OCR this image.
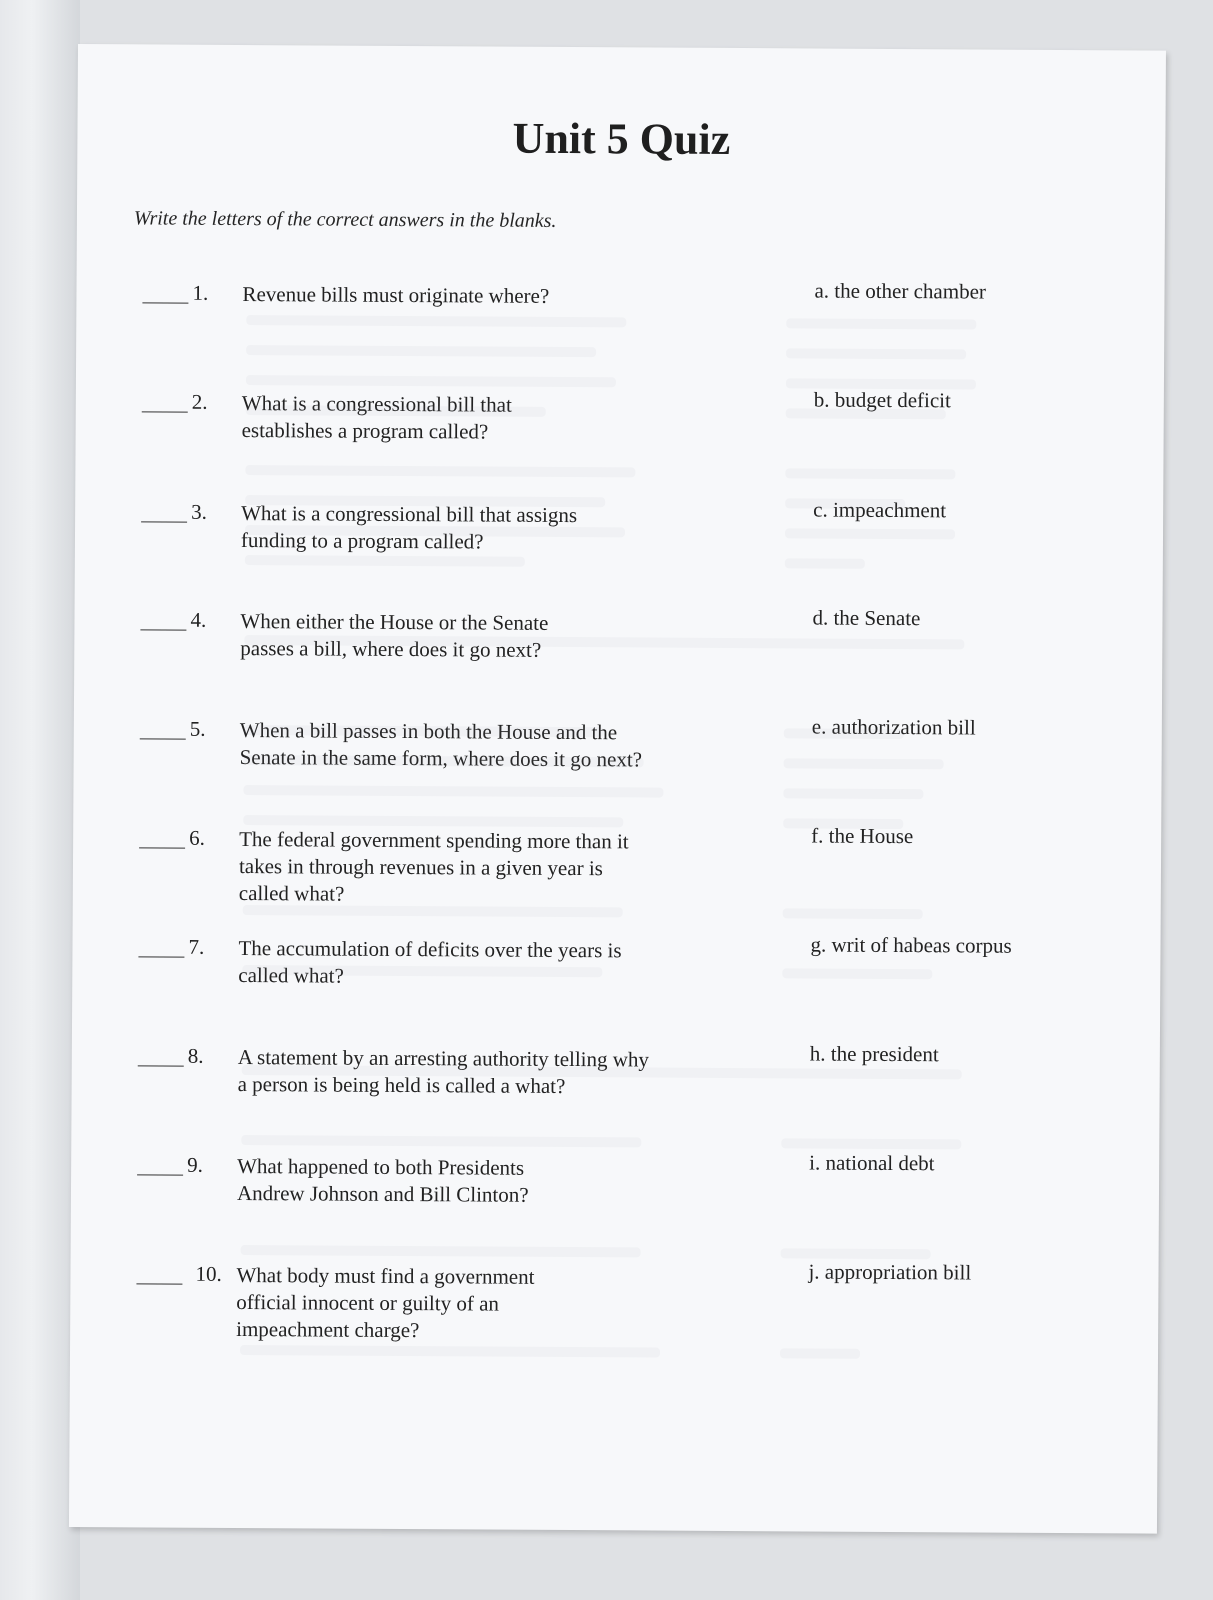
Unit 5 Quiz
Write the letters of the correct answers in the blanks.
1. Revenue bills must originate where?	a. the other chamber
2. What is a congressional bill that establishes a program called?
b. budget deficit
3. What is a congressional bill that assigns funding to a program called?
c. impeachment
4. When either the House or the Senate passes a bill, where does it go next?
d. the Senate
5. When a bill passes in both the House and the Senate in the same form, where does it go next?
e. authorization bill
6. The federal government spending more than it takes in through revenues in a given year is called what?
f. the House
7. The accumulation of deficits over the years is called what?
g. writ of habeas corpus
8. A statement by an arresting authority telling why a person is being held is called a what?
h. the president
9. What happened to both Presidents Andrew Johnson and Bill Clinton?
i. national debt
10. What body must find a government official innocent or guilty of an impeachment charge?
j. appropriation bill
